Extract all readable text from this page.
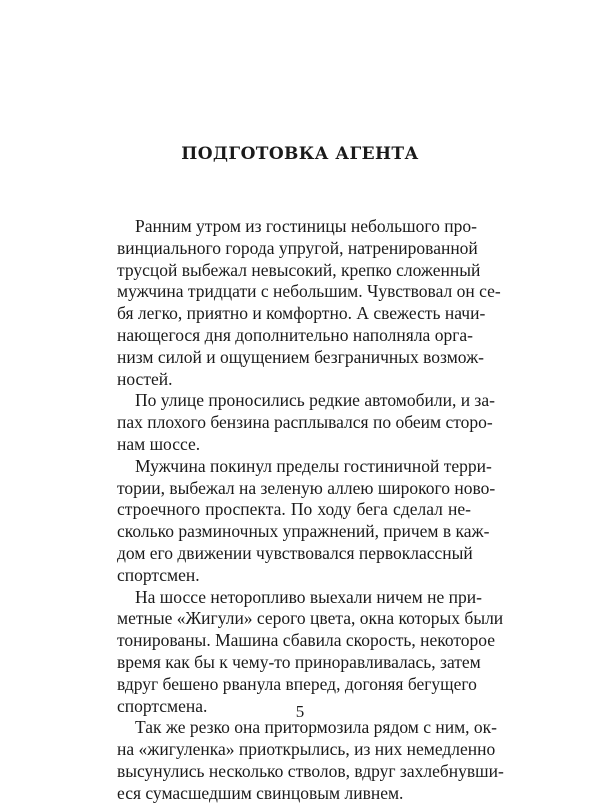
ПОДГОТОВКА АГЕНТА
Ранним утром из гостиницы небольшого про-
винциального города упругой, натренированной
трусцой выбежал невысокий, крепко сложенный
мужчина тридцати с небольшим. Чувствовал он се-
бя легко, приятно и комфортно. А свежесть начи-
нающегося дня дополнительно наполняла орга-
низм силой и ощущением безграничных возмож-
ностей.
По улице проносились редкие автомобили, и за-
пах плохого бензина расплывался по обеим сторо-
нам шоссе.
Мужчина покинул пределы гостиничной терри-
тории, выбежал на зеленую аллею широкого ново-
строечного проспекта. По ходу бега сделал не-
сколько разминочных упражнений, причем в каж-
дом его движении чувствовался первоклассный
спортсмен.
На шоссе неторопливо выехали ничем не при-
метные «Жигули» серого цвета, окна которых были
тонированы. Машина сбавила скорость, некоторое
время как бы к чему-то приноравливалась, затем
вдруг бешено рванула вперед, догоняя бегущего
спортсмена.
Так же резко она притормозила рядом с ним, ок-
на «жигуленка» приоткрылись, из них немедленно
высунулись несколько стволов, вдруг захлебнувши-
еся сумасшедшим свинцовым ливнем.
5
